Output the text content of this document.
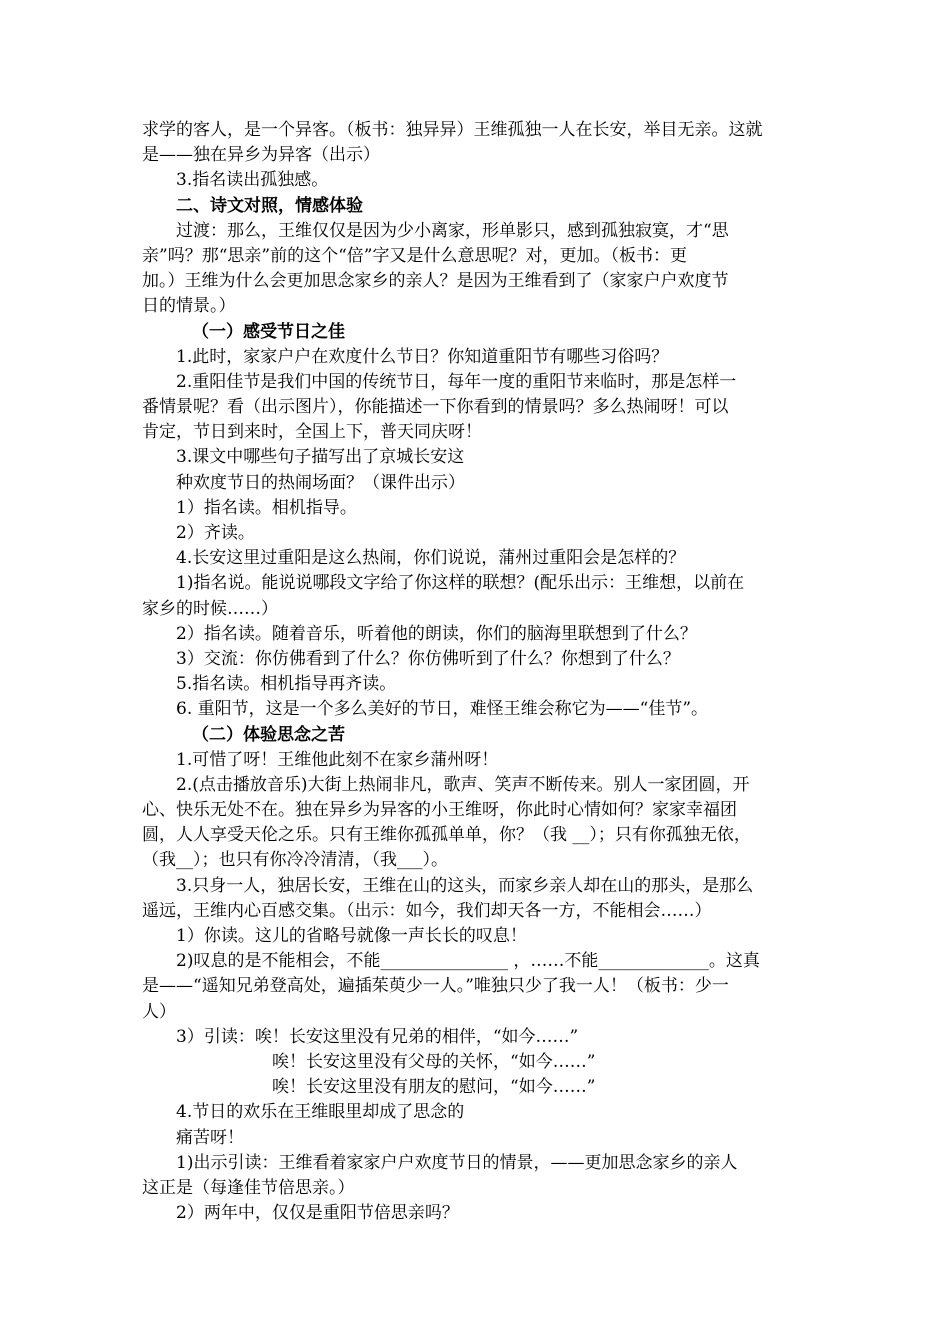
求学的客人，是一个异客。（板书：独异异）王维孤独一人在长安，举目无亲。这就
是——独在异乡为异客（出示）
3.指名读出孤独感。
二、诗文对照，情感体验
过渡：那么，王维仅仅是因为少小离家，形单影只，感到孤独寂寞，才“思
亲”吗？那“思亲”前的这个“倍”字又是什么意思呢？对，更加。（板书：更
加。）王维为什么会更加思念家乡的亲人？是因为王维看到了（家家户户欢度节
日的情景。）
（一）感受节日之佳
1.此时，家家户户在欢度什么节日？你知道重阳节有哪些习俗吗？
2.重阳佳节是我们中国的传统节日，每年一度的重阳节来临时，那是怎样一
番情景呢？看（出示图片），你能描述一下你看到的情景吗？多么热闹呀！可以
肯定，节日到来时，全国上下，普天同庆呀！
3.课文中哪些句子描写出了京城长安这
种欢度节日的热闹场面？（课件出示）
1）指名读。相机指导。
2）齐读。
4.长安这里过重阳是这么热闹，你们说说，蒲州过重阳会是怎样的？
1)指名说。能说说哪段文字给了你这样的联想？(配乐出示：王维想，以前在
家乡的时候……）
2）指名读。随着音乐，听着他的朗读，你们的脑海里联想到了什么？
3）交流：你仿佛看到了什么？你仿佛听到了什么？你想到了什么？
5.指名读。相机指导再齐读。
6. 重阳节，这是一个多么美好的节日，难怪王维会称它为——“佳节”。
（二）体验思念之苦
1.可惜了呀！王维他此刻不在家乡蒲州呀！
2.(点击播放音乐)大街上热闹非凡，歌声、笑声不断传来。别人一家团圆，开
心、快乐无处不在。独在异乡为异客的小王维呀，你此时心情如何？家家幸福团
圆，人人享受天伦之乐。只有王维你孤孤单单，你？（我 __）；只有你孤独无依，
（我__）；也只有你冷冷清清，（我___）。
3.只身一人，独居长安，王维在山的这头，而家乡亲人却在山的那头，是那么
遥远，王维内心百感交集。（出示：如今，我们却天各一方，不能相会……）
1）你读。这儿的省略号就像一声长长的叹息！
2)叹息的是不能相会，不能_______________ ，……不能_____________。这真
是——“遥知兄弟登高处，遍插茱萸少一人。”唯独只少了我一人！（板书：少一
人）
3）引读：唉！长安这里没有兄弟的相伴，“如今……”
唉！长安这里没有父母的关怀，“如今……”
唉！长安这里没有朋友的慰问，“如今……”
4.节日的欢乐在王维眼里却成了思念的
痛苦呀！
1)出示引读：王维看着家家户户欢度节日的情景，——更加思念家乡的亲人
这正是（每逢佳节倍思亲。）
2）两年中，仅仅是重阳节倍思亲吗？
